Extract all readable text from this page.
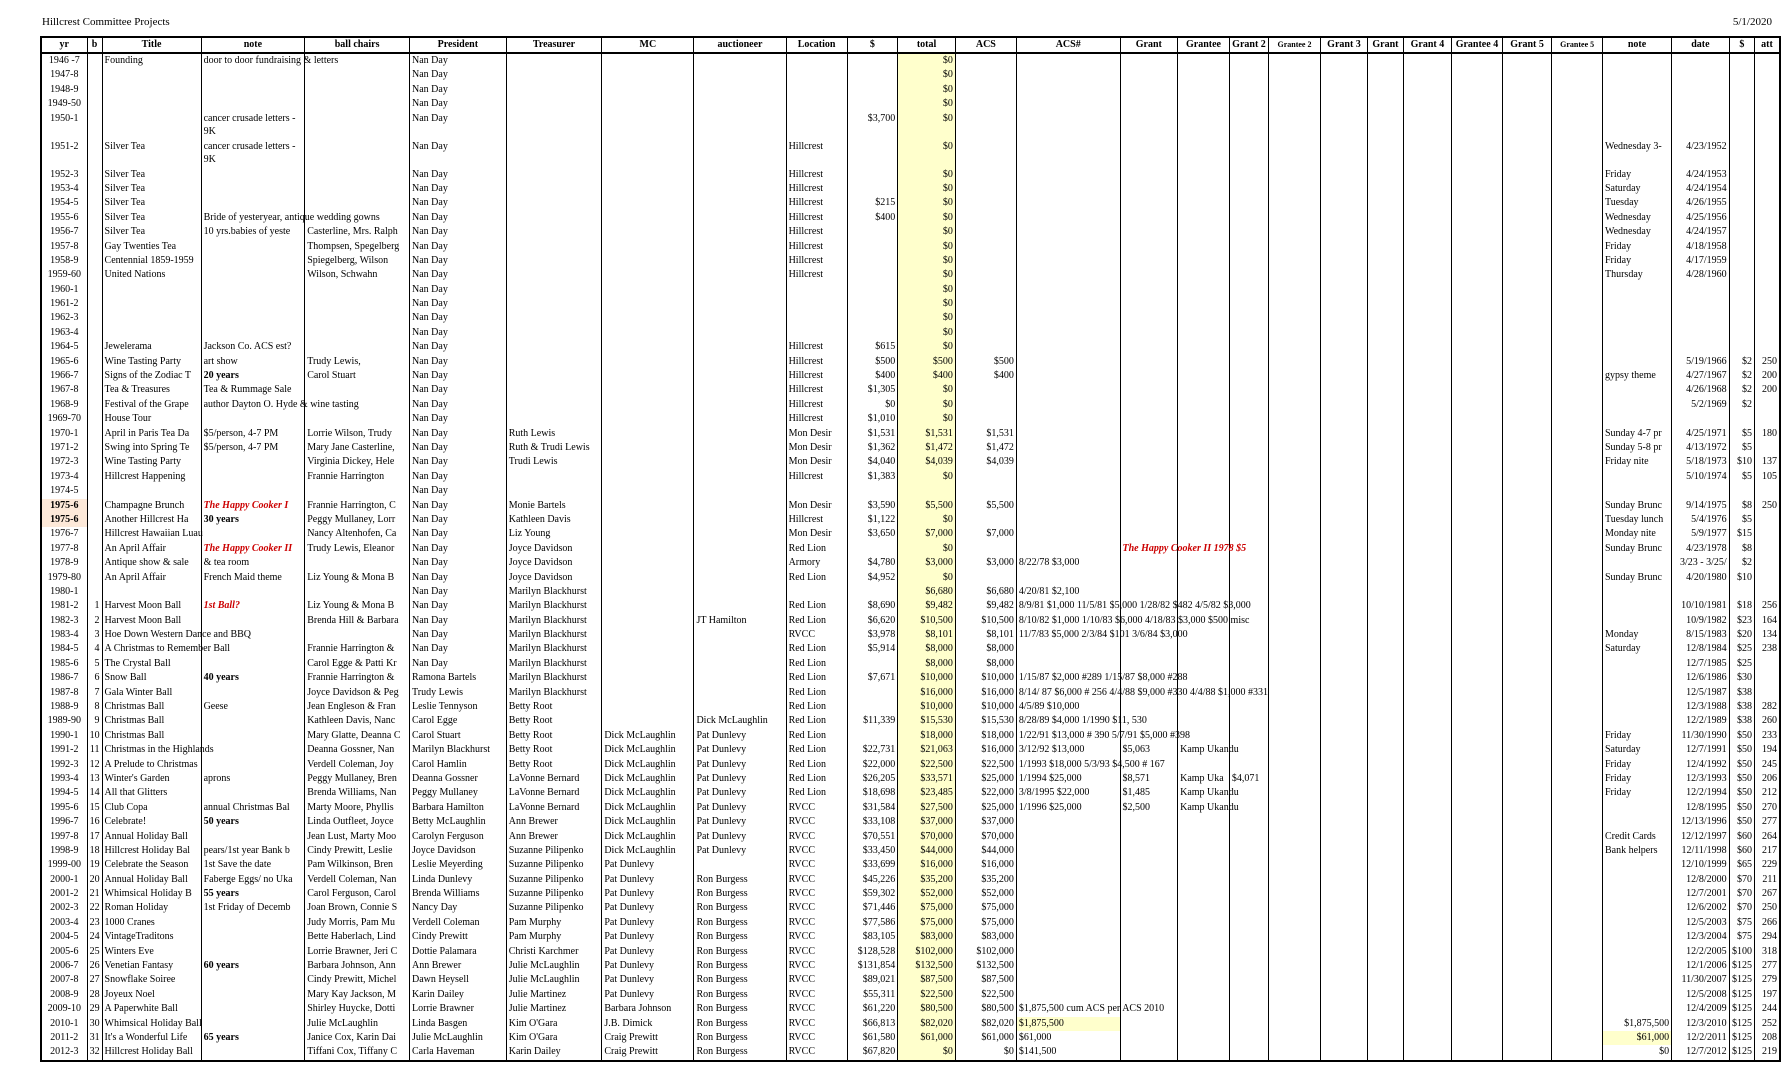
Hillcrest Committee Projects	5/1/2020
yr	b	Title	note	ball chairs	President	Treasurer	MC	auctioneer	Location	$	total	ACS	ACS#	Grant	Grantee	Grant 2	Grantee 2	Grant 3	Grant	Grant 4	Grantee 4	Grant 5	Grantee 5	note	date	$	att
1946 -7		Founding	door to door fundraising & letters		Nan Day						$0																
1947-8					Nan Day						$0																
1948-9					Nan Day						$0																
1949-50					Nan Day						$0																
1950-1			cancer crusade letters - 9K		Nan Day					$3,700	$0																
1951-2		Silver Tea	cancer crusade letters - 9K		Nan Day				Hillcrest		$0													Wednesday 3-	4/23/1952		
1952-3		Silver Tea			Nan Day				Hillcrest		$0													Friday	4/24/1953		
1953-4		Silver Tea			Nan Day				Hillcrest		$0													Saturday	4/24/1954		
1954-5		Silver Tea			Nan Day				Hillcrest	$215	$0													Tuesday	4/26/1955		
1955-6		Silver Tea	Bride of yesteryear, antique wedding gowns		Nan Day				Hillcrest	$400	$0													Wednesday	4/25/1956		
1956-7		Silver Tea	10 yrs.babies of yeste	Casterline, Mrs. Ralph	Nan Day				Hillcrest		$0													Wednesday	4/24/1957		
1957-8		Gay Twenties Tea		Thompsen, Spegelberg	Nan Day				Hillcrest		$0													Friday	4/18/1958		
1958-9		Centennial 1859-1959		Spiegelberg, Wilson	Nan Day				Hillcrest		$0													Friday	4/17/1959		
1959-60		United Nations		Wilson, Schwahn	Nan Day				Hillcrest		$0													Thursday	4/28/1960		
1960-1					Nan Day						$0																
1961-2					Nan Day						$0																
1962-3					Nan Day						$0																
1963-4					Nan Day						$0																
1964-5		Jewelerama	Jackson Co. ACS est?		Nan Day				Hillcrest	$615	$0																
1965-6		Wine Tasting Party	art show	Trudy Lewis,	Nan Day				Hillcrest	$500	$500	$500													5/19/1966	$2	250
1966-7		Signs of the Zodiac T	20 years	Carol Stuart	Nan Day				Hillcrest	$400	$400	$400												gypsy theme	4/27/1967	$2	200
1967-8		Tea & Treasures	Tea & Rummage Sale		Nan Day				Hillcrest	$1,305	$0														4/26/1968	$2	200
1968-9		Festival of the Grape	author Dayton O. Hyde & wine tasting		Nan Day				Hillcrest	$0	$0														5/2/1969	$2	
1969-70		House Tour			Nan Day				Hillcrest	$1,010	$0																
1970-1		April in Paris Tea Da	$5/person, 4-7 PM	Lorrie Wilson, Trudy	Nan Day	Ruth Lewis			Mon Desir	$1,531	$1,531	$1,531												Sunday 4-7 pr	4/25/1971	$5	180
1971-2		Swing into Spring Te	$5/person, 4-7 PM	Mary Jane Casterline,	Nan Day	Ruth & Trudi Lewis			Mon Desir	$1,362	$1,472	$1,472												Sunday 5-8 pr	4/13/1972	$5	
1972-3		Wine Tasting Party		Virginia Dickey, Hele	Nan Day	Trudi Lewis			Mon Desir	$4,040	$4,039	$4,039												Friday nite	5/18/1973	$10	137
1973-4		Hillcrest Happening		Frannie Harrington	Nan Day				Hillcrest	$1,383	$0														5/10/1974	$5	105
1974-5					Nan Day																						
1975-6		Champagne Brunch	The Happy Cooker I	Frannie Harrington, C	Nan Day	Monie Bartels			Mon Desir	$3,590	$5,500	$5,500												Sunday Brunc	9/14/1975	$8	250
1975-6		Another Hillcrest Ha	30 years	Peggy Mullaney, Lorr	Nan Day	Kathleen Davis			Hillcrest	$1,122	$0													Tuesday lunch	5/4/1976	$5	
1976-7		Hillcrest Hawaiian Luau		Nancy Altenhofen, Ca	Nan Day	Liz Young			Mon Desir	$3,650	$7,000	$7,000												Monday nite	5/9/1977	$15	
1977-8		An April Affair	The Happy Cooker II	Trudy Lewis, Eleanor	Nan Day	Joyce Davidson			Red Lion		$0			The Happy Cooker II 1978 $5										Sunday Brunc	4/23/1978	$8	
1978-9		Antique show & sale	& tea room		Nan Day	Joyce Davidson			Armory	$4,780	$3,000	$3,000	8/22/78 $3,000												3/23 - 3/25/	$2	
1979-80		An April Affair	French Maid theme	Liz Young & Mona B	Nan Day	Joyce Davidson			Red Lion	$4,952	$0													Sunday Brunc	4/20/1980	$10	
1980-1					Nan Day	Marilyn Blackhurst					$6,680	$6,680	4/20/81 $2,100														
1981-2	1	Harvest Moon Ball	1st Ball?	Liz Young & Mona B	Nan Day	Marilyn Blackhurst			Red Lion	$8,690	$9,482	$9,482	8/9/81 $1,000 11/5/81 $5,000 1/28/82 $482 4/5/82 $3,000												10/10/1981	$18	256
1982-3	2	Harvest Moon Ball		Brenda Hill & Barbara	Nan Day	Marilyn Blackhurst		JT Hamilton	Red Lion	$6,620	$10,500	$10,500	8/10/82 $1,000 1/10/83 $6,000 4/18/83 $3,000 $500 misc												10/9/1982	$23	164
1983-4	3	Hoe Down Western Dance and BBQ			Nan Day	Marilyn Blackhurst			RVCC	$3,978	$8,101	$8,101	11/7/83 $5,000 2/3/84 $101 3/6/84 $3,000											Monday	8/15/1983	$20	134
1984-5	4	A Christmas to Remember Ball		Frannie Harrington &	Nan Day	Marilyn Blackhurst			Red Lion	$5,914	$8,000	$8,000												Saturday	12/8/1984	$25	238
1985-6	5	The Crystal Ball		Carol Egge & Patti Kr	Nan Day	Marilyn Blackhurst			Red Lion		$8,000	$8,000													12/7/1985	$25	
1986-7	6	Snow Ball	40 years	Frannie Harrington &	Ramona Bartels	Marilyn Blackhurst			Red Lion	$7,671	$10,000	$10,000	1/15/87 $2,000 #289 1/15/87 $8,000 #288												12/6/1986	$30	
1987-8	7	Gala Winter Ball		Joyce Davidson & Peg	Trudy Lewis	Marilyn Blackhurst			Red Lion		$16,000	$16,000	8/14/ 87 $6,000 # 256 4/4/88 $9,000 #330 4/4/88 $1,000 #331												12/5/1987	$38	
1988-9	8	Christmas Ball	Geese	Jean Engleson & Fran	Leslie Tennyson	Betty Root			Red Lion		$10,000	$10,000	4/5/89 $10,000												12/3/1988	$38	282
1989-90	9	Christmas Ball		Kathleen Davis, Nanc	Carol Egge	Betty Root		Dick McLaughlin	Red Lion	$11,339	$15,530	$15,530	8/28/89 $4,000 1/1990 $11, 530												12/2/1989	$38	260
1990-1	10	Christmas Ball		Mary Glatte, Deanna C	Carol Stuart	Betty Root	Dick McLaughlin	Pat Dunlevy	Red Lion		$18,000	$18,000	1/22/91 $13,000 # 390 5/7/91 $5,000 #398											Friday	11/30/1990	$50	233
1991-2	11	Christmas in the Highlands		Deanna Gossner, Nan	Marilyn Blackhurst	Betty Root	Dick McLaughlin	Pat Dunlevy	Red Lion	$22,731	$21,063	$16,000	3/12/92 $13,000	$5,063	Kamp Ukandu									Saturday	12/7/1991	$50	194
1992-3	12	A Prelude to Christmas		Verdell Coleman, Joy	Carol Hamlin	Betty Root	Dick McLaughlin	Pat Dunlevy	Red Lion	$22,000	$22,500	$22,500	1/1993 $18,000 5/3/93 $4,500 # 167											Friday	12/4/1992	$50	245
1993-4	13	Winter's Garden	aprons	Peggy Mullaney, Bren	Deanna Gossner	LaVonne Bernard	Dick McLaughlin	Pat Dunlevy	Red Lion	$26,205	$33,571	$25,000	1/1994 $25,000	$8,571	Kamp Uka	$4,071								Friday	12/3/1993	$50	206
1994-5	14	All that Glitters		Brenda Williams, Nan	Peggy Mullaney	LaVonne Bernard	Dick McLaughlin	Pat Dunlevy	Red Lion	$18,698	$23,485	$22,000	3/8/1995 $22,000	$1,485	Kamp Ukandu									Friday	12/2/1994	$50	212
1995-6	15	Club Copa	annual Christmas Bal	Marty Moore, Phyllis	Barbara Hamilton	LaVonne Bernard	Dick McLaughlin	Pat Dunlevy	RVCC	$31,584	$27,500	$25,000	1/1996 $25,000	$2,500	Kamp Ukandu										12/8/1995	$50	270
1996-7	16	Celebrate!	50 years	Linda Outfleet, Joyce	Betty McLaughlin	Ann Brewer	Dick McLaughlin	Pat Dunlevy	RVCC	$33,108	$37,000	$37,000													12/13/1996	$50	277
1997-8	17	Annual Holiday Ball		Jean Lust, Marty Moo	Carolyn Ferguson	Ann Brewer	Dick McLaughlin	Pat Dunlevy	RVCC	$70,551	$70,000	$70,000												Credit Cards	12/12/1997	$60	264
1998-9	18	Hillcrest Holiday Bal	pears/1st year Bank b	Cindy Prewitt, Leslie	Joyce Davidson	Suzanne Pilipenko	Dick McLaughlin	Pat Dunlevy	RVCC	$33,450	$44,000	$44,000												Bank helpers	12/11/1998	$60	217
1999-00	19	Celebrate the Season	1st Save the date	Pam Wilkinson, Bren	Leslie Meyerding	Suzanne Pilipenko	Pat Dunlevy		RVCC	$33,699	$16,000	$16,000													12/10/1999	$65	229
2000-1	20	Annual Holiday Ball	Faberge Eggs/ no Uka	Verdell Coleman, Nan	Linda Dunlevy	Suzanne Pilipenko	Pat Dunlevy	Ron Burgess	RVCC	$45,226	$35,200	$35,200													12/8/2000	$70	211
2001-2	21	Whimsical Holiday B	55 years	Carol Ferguson, Carol	Brenda Williams	Suzanne Pilipenko	Pat Dunlevy	Ron Burgess	RVCC	$59,302	$52,000	$52,000													12/7/2001	$70	267
2002-3	22	Roman Holiday	1st Friday of Decemb	Joan Brown, Connie S	Nancy Day	Suzanne Pilipenko	Pat Dunlevy	Ron Burgess	RVCC	$71,446	$75,000	$75,000													12/6/2002	$70	250
2003-4	23	1000 Cranes		Judy Morris, Pam Mu	Verdell Coleman	Pam Murphy	Pat Dunlevy	Ron Burgess	RVCC	$77,586	$75,000	$75,000													12/5/2003	$75	266
2004-5	24	VintageTraditons		Bette Haberlach, Lind	Cindy Prewitt	Pam Murphy	Pat Dunlevy	Ron Burgess	RVCC	$83,105	$83,000	$83,000													12/3/2004	$75	294
2005-6	25	Winters Eve		Lorrie Brawner, Jeri C	Dottie Palamara	Christi Karchmer	Pat Dunlevy	Ron Burgess	RVCC	$128,528	$102,000	$102,000													12/2/2005	$100	318
2006-7	26	Venetian Fantasy	60 years	Barbara Johnson, Ann	Ann Brewer	Julie McLaughlin	Pat Dunlevy	Ron Burgess	RVCC	$131,854	$132,500	$132,500													12/1/2006	$125	277
2007-8	27	Snowflake Soiree		Cindy Prewitt, Michel	Dawn Heysell	Julie McLaughlin	Pat Dunlevy	Ron Burgess	RVCC	$89,021	$87,500	$87,500													11/30/2007	$125	279
2008-9	28	Joyeux Noel		Mary Kay Jackson, M	Karin Dailey	Julie Martinez	Pat Dunlevy	Ron Burgess	RVCC	$55,311	$22,500	$22,500													12/5/2008	$125	197
2009-10	29	A Paperwhite Ball		Shirley Huycke, Dotti	Lorrie Brawner	Julie Martinez	Barbara Johnson	Ron Burgess	RVCC	$61,220	$80,500	$80,500	$1,875,500 cum ACS per ACS 2010												12/4/2009	$125	244
2010-1	30	Whimsical Holiday Ball		Julie McLaughlin	Linda Basgen	Kim O'Gara	J.B. Dimick	Ron Burgess	RVCC	$66,813	$82,020	$82,020	$1,875,500											$1,875,500	12/3/2010	$125	252
2011-2	31	It's a Wonderful Life	65 years	Janice Cox, Karin Dai	Julie McLaughlin	Kim O'Gara	Craig Prewitt	Ron Burgess	RVCC	$61,580	$61,000	$61,000	$61,000											$61,000	12/2/2011	$125	208
2012-3	32	Hillcrest Holiday Ball		Tiffani Cox, Tiffany C	Carla Haveman	Karin Dailey	Craig Prewitt	Ron Burgess	RVCC	$67,820	$0	$0	$141,500											$0	12/7/2012	$125	219
